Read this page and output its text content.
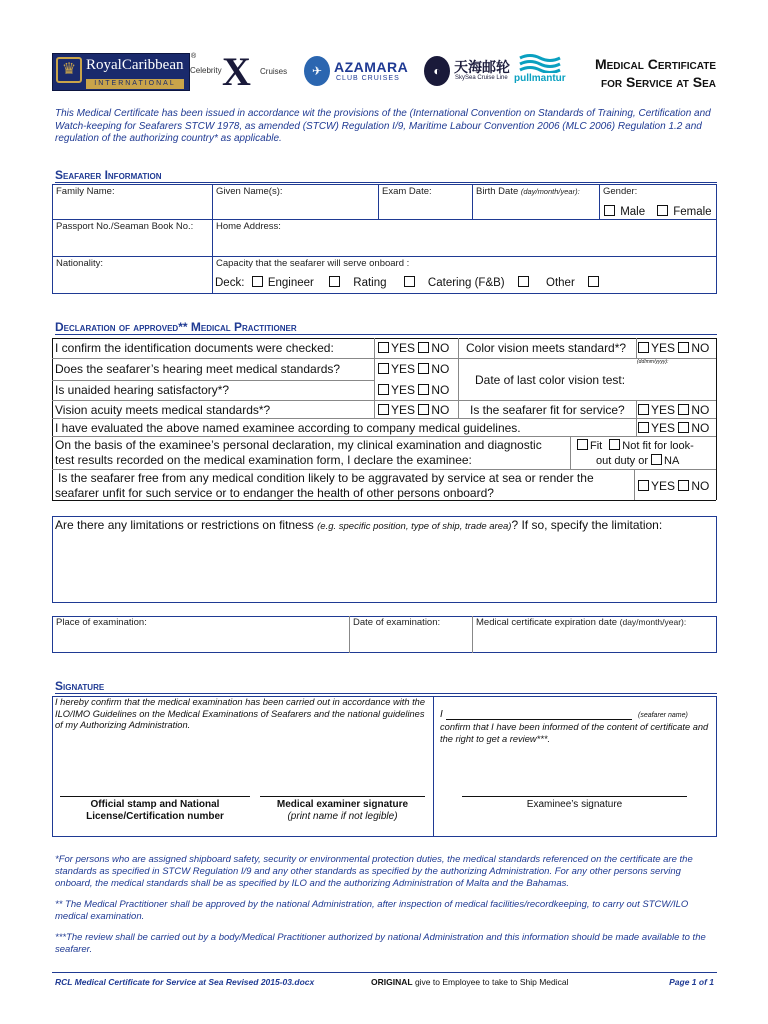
♛ RoyalCaribbean
INTERNATIONAL
®
Celebrity X Cruises	✈ AZAMARA
CLUB CRUISES
◐ 天海邮轮
SkySea Cruise Line pullmantur
Medical Certificate
for Service at Sea
This Medical Certificate has been issued in accordance wit the provisions of the (International Convention on Standards of Training, Certification and Watch-keeping for Seafarers STCW 1978, as amended (STCW) Regulation I/9, Maritime Labour Convention 2006 (MLC 2006) Regulation 1.2 and regulation of the authorizing country* as applicable.
Seafarer Information
Family Name:	Given Name(s):	Exam Date:	Birth Date (day/month/year): Gender:
Male	Female
Passport No./Seaman Book No.: Home Address:
Nationality:	Capacity that the seafarer will serve onboard :
Deck: Engineer	Rating	Catering (F&B)	Other
Declaration of approved** Medical Practitioner
I confirm the identification documents were checked:	YES NO Color vision meets standard*?	YES NO
Does the seafarer’s hearing meet medical standards?	YES NO	(dd/mm/yyyy):
Date of last color vision test:
Is unaided hearing satisfactory*?	YES NO
Vision acuity meets medical standards*?	YES NO Is the seafarer fit for service?	YES NO
I have evaluated the above named examinee according to company medical guidelines.	YES NO
On the basis of the examinee’s personal declaration, my clinical examination and diagnostic
test results recorded on the medical examination form, I declare the examinee:
Fit Not fit for look-
out duty or NA
Is the seafarer free from any medical condition likely to be aggravated by service at sea or render the
seafarer unfit for such service or to endanger the health of other persons onboard?	YES NO
Are there any limitations or restrictions on fitness (e.g. specific position, type of ship, trade area)? If so, specify the limitation:
Place of examination:	Date of examination:	Medical certificate expiration date (day/month/year):
Signature
I hereby confirm that the medical examination has been carried out in accordance with the ILO/IMO Guidelines on the Medical Examinations of Seafarers and the national guidelines of my Authorizing Administration.
Official stamp and National
License/Certification number
Medical examiner signature
(print name if not legible)
I	(seafarer name)
confirm that I have been informed of the content of certificate and the right to get a review***.
Examinee’s signature
*For persons who are assigned shipboard safety, security or environmental protection duties, the medical standards referenced on the certificate are the standards as specified in STCW Regulation I/9 and any other standards as specified by the authorizing Administration. For any other persons serving onboard, the medical standards shall be as specified by ILO and the authorizing Administration of Malta and the Bahamas.
** The Medical Practitioner shall be approved by the national Administration, after inspection of medical facilities/recordkeeping, to carry out STCW/ILO medical examination.
***The review shall be carried out by a body/Medical Practitioner authorized by national Administration and this information should be made available to the seafarer.
RCL Medical Certificate for Service at Sea Revised 2015-03.docx	ORIGINAL give to Employee to take to Ship Medical	Page 1 of 1
